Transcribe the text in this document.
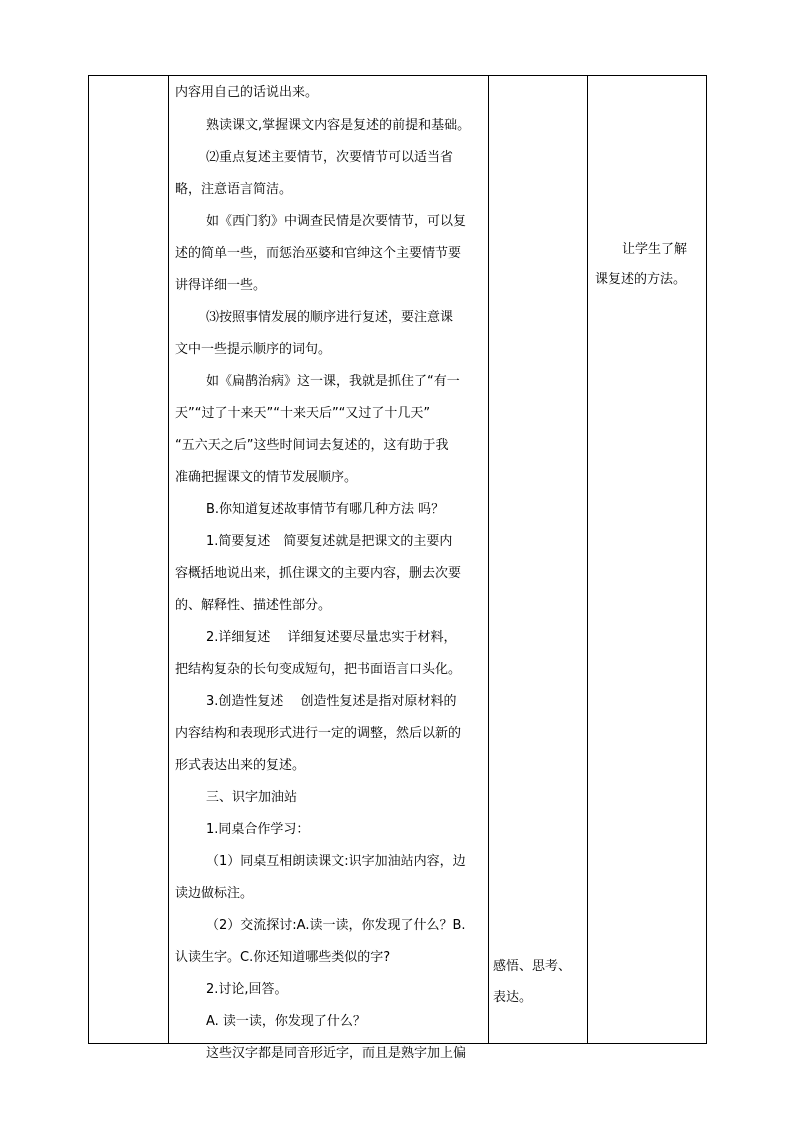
内容用自己的话说出来。
熟读课文,掌握课文内容是复述的前提和基础。
⑵重点复述主要情节，次要情节可以适当省
略，注意语言简洁。
如《西门豹》中调查民情是次要情节，可以复
述的简单一些，而惩治巫婆和官绅这个主要情节要
讲得详细一些。
⑶按照事情发展的顺序进行复述，要注意课
文中一些提示顺序的词句。
如《扁鹊治病》这一课，我就是抓住了“有一
天”“过了十来天”“十来天后”“又过了十几天”
“五六天之后”这些时间词去复述的，这有助于我
准确把握课文的情节发展顺序。
B.你知道复述故事情节有哪几种方法 吗？
1.简要复述　简要复述就是把课文的主要内
容概括地说出来，抓住课文的主要内容，删去次要
的、解释性、描述性部分。
2.详细复述　 详细复述要尽量忠实于材料，
把结构复杂的长句变成短句，把书面语言口头化。
3.创造性复述　 创造性复述是指对原材料的
内容结构和表现形式进行一定的调整，然后以新的
形式表达出来的复述。
三、识字加油站
1.同桌合作学习：
（1）同桌互相朗读课文:识字加油站内容，边
读边做标注。
（2）交流探讨:A.读一读，你发现了什么？B.
认读生字。C.你还知道哪些类似的字?
2.讨论,回答。
A. 读一读，你发现了什么？
这些汉字都是同音形近字，而且是熟字加上偏
感悟、思考、
表达。
让学生了解
课复述的方法。
